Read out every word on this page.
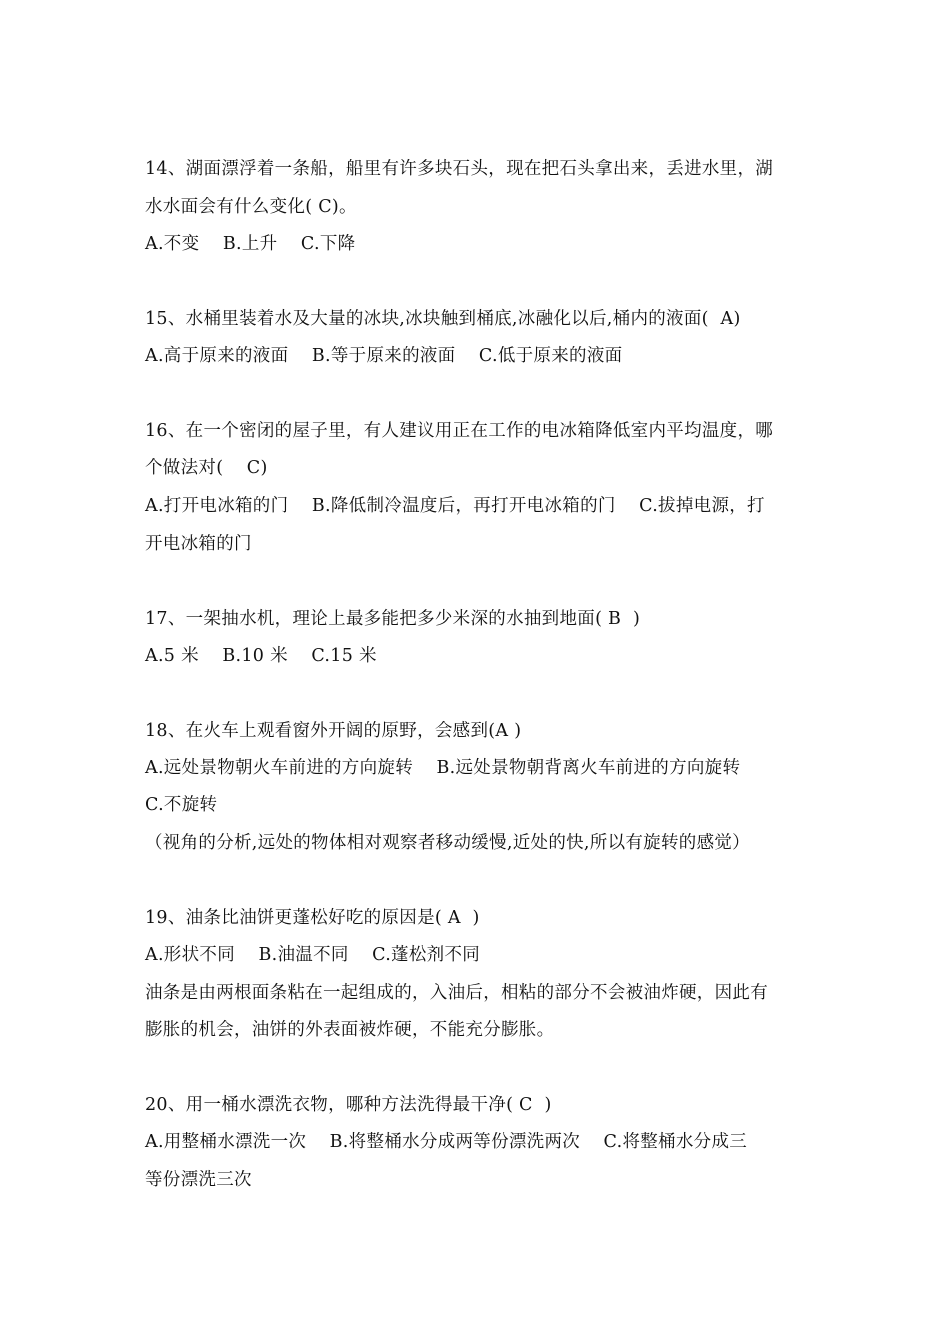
14、湖面漂浮着一条船，船里有许多块石头，现在把石头拿出来，丢进水里，湖
水水面会有什么变化( C)。
A.不变    B.上升    C.下降
15、水桶里装着水及大量的冰块,冰块触到桶底,冰融化以后,桶内的液面(  A)
A.高于原来的液面    B.等于原来的液面    C.低于原来的液面
16、在一个密闭的屋子里，有人建议用正在工作的电冰箱降低室内平均温度，哪
个做法对(    C)
A.打开电冰箱的门    B.降低制冷温度后，再打开电冰箱的门    C.拔掉电源，打
开电冰箱的门
17、一架抽水机，理论上最多能把多少米深的水抽到地面( B  )
A.5 米    B.10 米    C.15 米
18、在火车上观看窗外开阔的原野，会感到(A )
A.远处景物朝火车前进的方向旋转    B.远处景物朝背离火车前进的方向旋转
C.不旋转
（视角的分析,远处的物体相对观察者移动缓慢,近处的快,所以有旋转的感觉）
19、油条比油饼更蓬松好吃的原因是( A  )
A.形状不同    B.油温不同    C.蓬松剂不同
油条是由两根面条粘在一起组成的，入油后，相粘的部分不会被油炸硬，因此有
膨胀的机会，油饼的外表面被炸硬，不能充分膨胀。
20、用一桶水漂洗衣物，哪种方法洗得最干净( C  )
A.用整桶水漂洗一次    B.将整桶水分成两等份漂洗两次    C.将整桶水分成三
等份漂洗三次
